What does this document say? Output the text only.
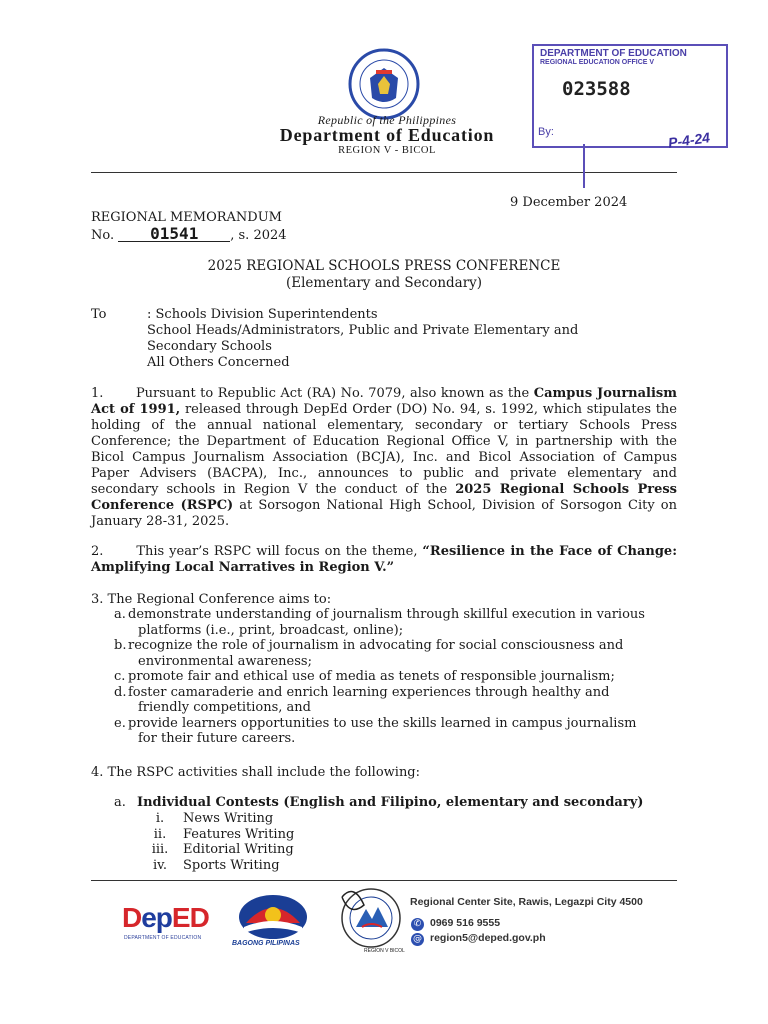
Republic of the Philippines
Department of Education
REGION V - BICOL
DEPARTMENT OF EDUCATION
REGIONAL EDUCATION OFFICE V
023588
By:	P-4-24
9 December 2024
REGIONAL MEMORANDUM
No. 01541 , s. 2024
2025 REGIONAL SCHOOLS PRESS CONFERENCE
(Elementary and Secondary)
To	: Schools Division Superintendents
School Heads/Administrators, Public and Private Elementary and
Secondary Schools
All Others Concerned
1.	Pursuant to Republic Act (RA) No. 7079, also known as the Campus Journalism Act of 1991, released through DepEd Order (DO) No. 94, s. 1992, which stipulates the holding of the annual national elementary, secondary or tertiary Schools Press Conference; the Department of Education Regional Office V, in partnership with the Bicol Campus Journalism Association (BCJA), Inc. and Bicol Association of Campus Paper Advisers (BACPA), Inc., announces to public and private elementary and secondary schools in Region V the conduct of the 2025 Regional Schools Press Conference (RSPC) at Sorsogon National High School, Division of Sorsogon City on January 28-31, 2025.
2.	This year’s RSPC will focus on the theme, “Resilience in the Face of Change: Amplifying Local Narratives in Region V.”
3. The Regional Conference aims to:
a. demonstrate understanding of journalism through skillful execution in various
platforms (i.e., print, broadcast, online);
b. recognize the role of journalism in advocating for social consciousness and
environmental awareness;
c. promote fair and ethical use of media as tenets of responsible journalism;
d. foster camaraderie and enrich learning experiences through healthy and
friendly competitions, and
e. provide learners opportunities to use the skills learned in campus journalism
for their future careers.
4. The RSPC activities shall include the following:
a. Individual Contests (English and Filipino, elementary and secondary)
i. News Writing
ii. Features Writing
iii. Editorial Writing
iv. Sports Writing
DepED
DEPARTMENT OF EDUCATION
BAGONG PILIPINAS
REGION V BICOL
Regional Center Site, Rawis, Legazpi City 4500
✆ 0969 516 9555
@ region5@deped.gov.ph
